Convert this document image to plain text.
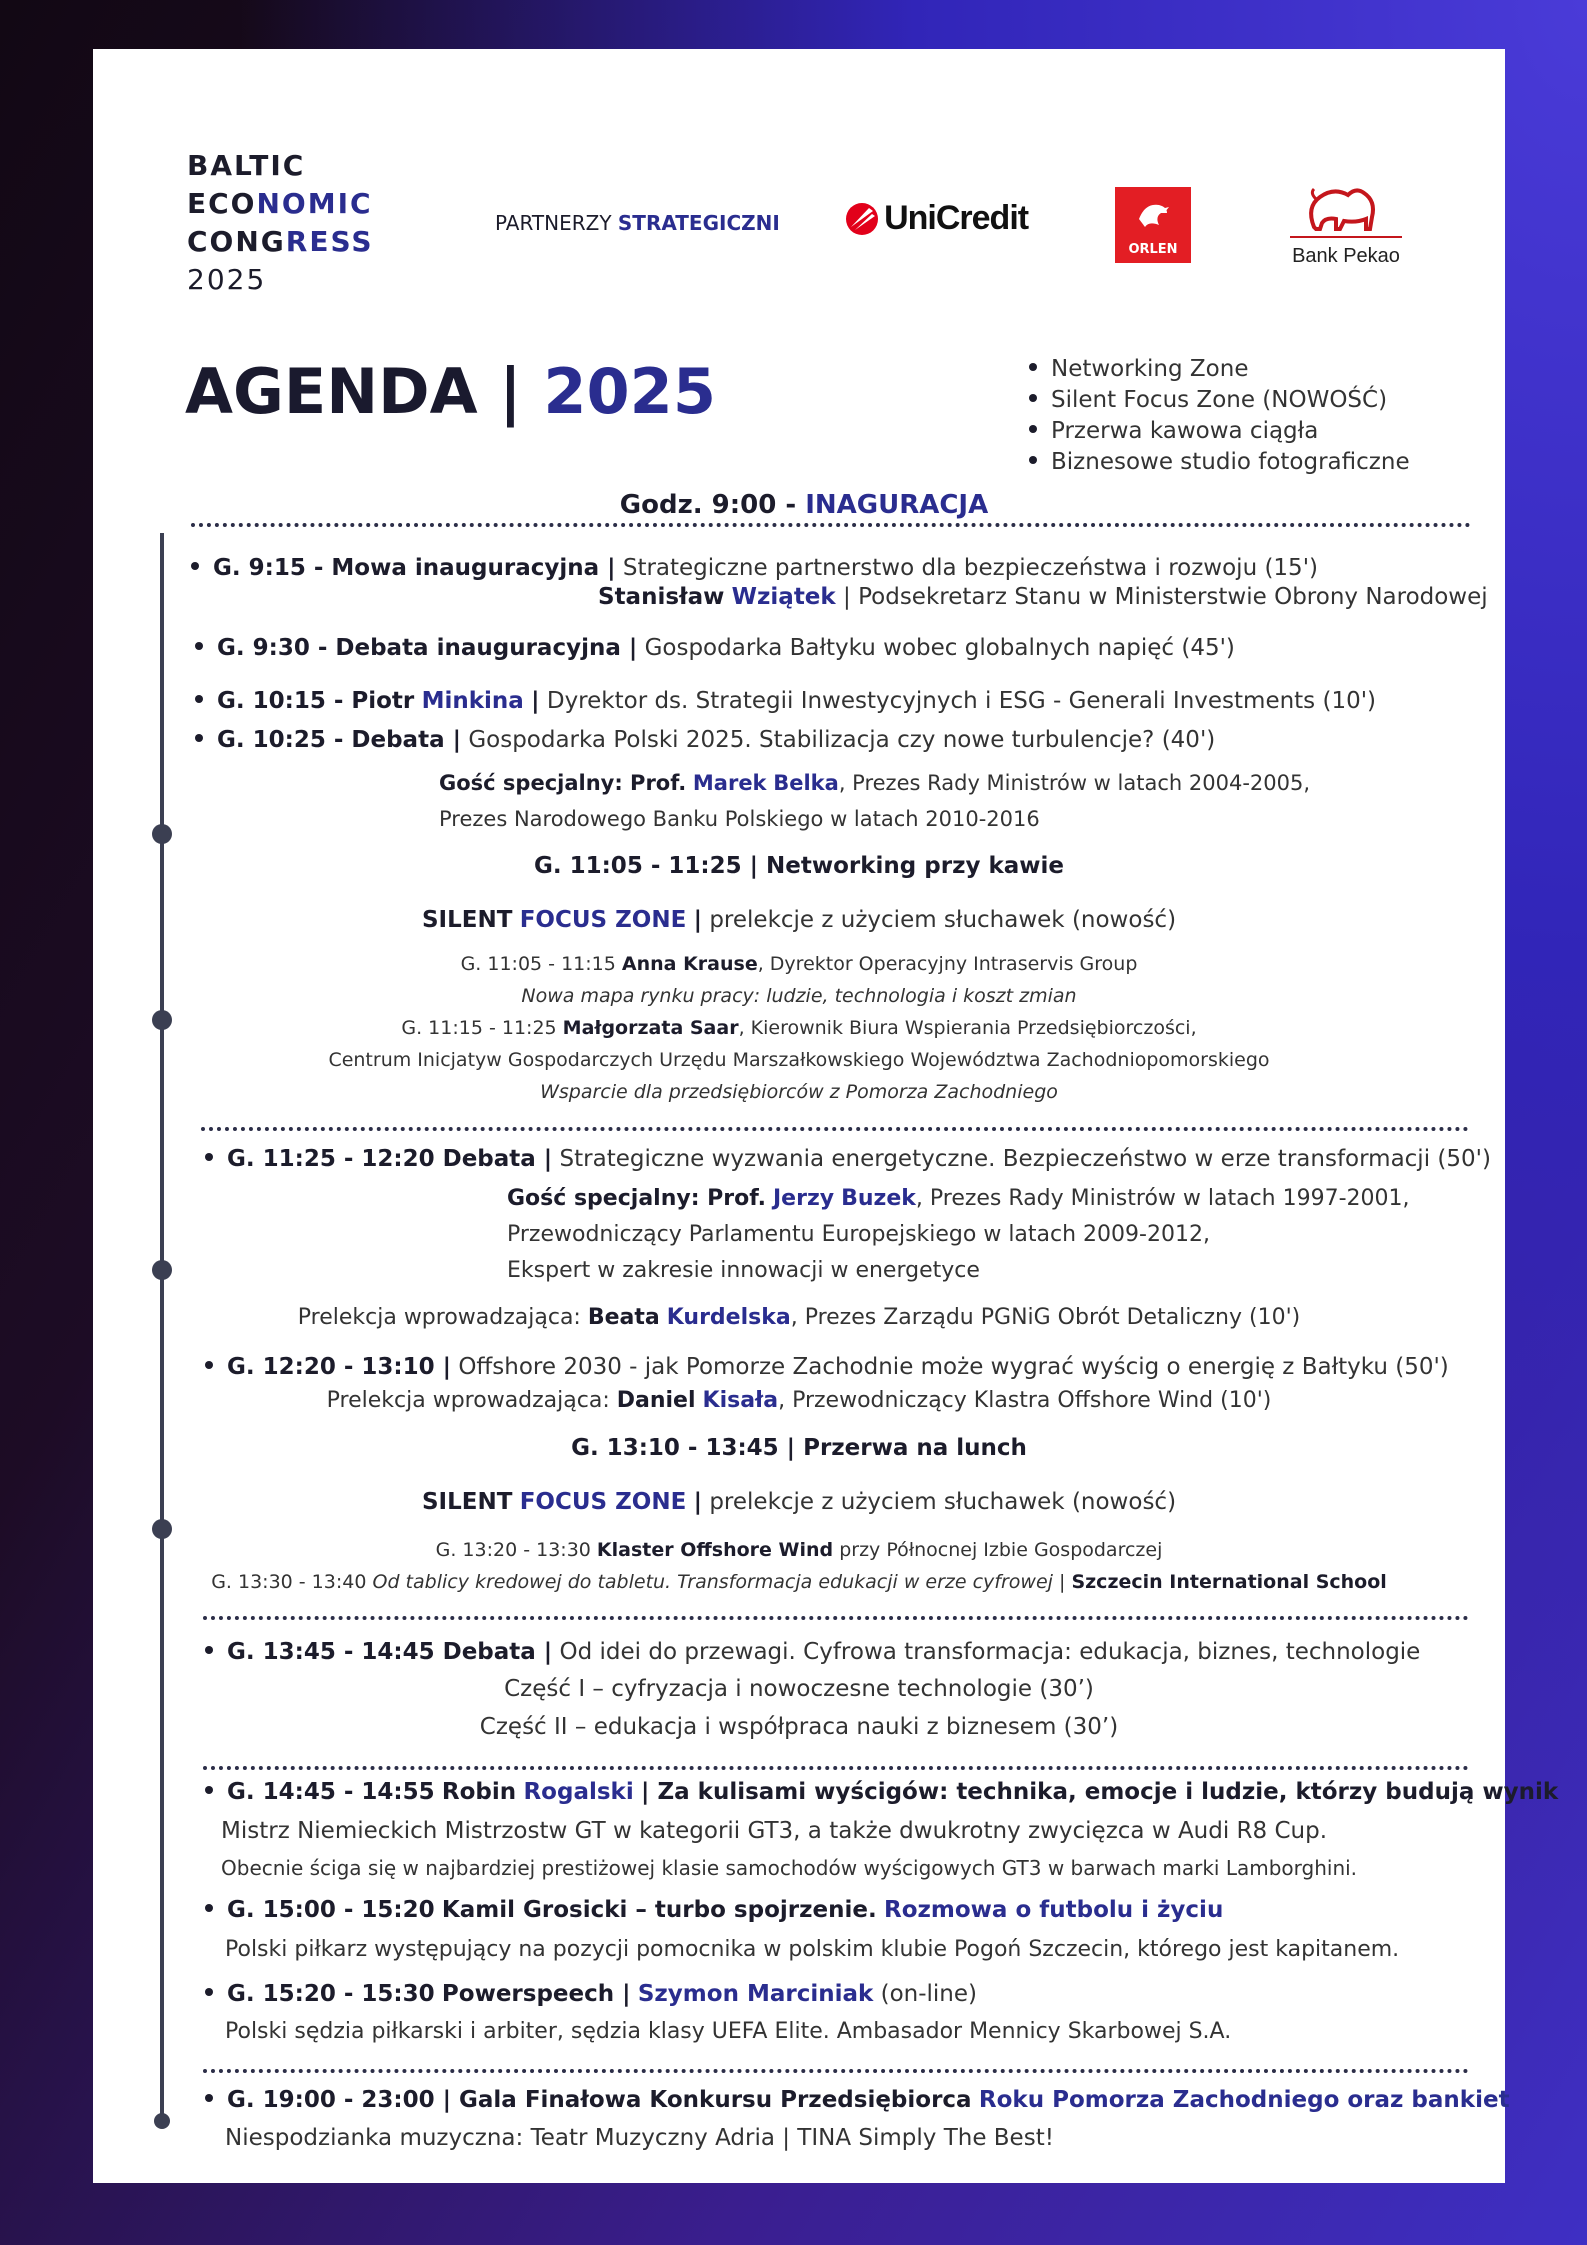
BALTIC
ECONOMIC
CONGRESS
2025
PARTNERZY STRATEGICZNI	UniCredit
ORLEN	Bank Pekao
AGENDA | 2025	Networking Zone
Silent Focus Zone (NOWOŚĆ)
Przerwa kawowa ciągła
Biznesowe studio fotograficzne
Godz. 9:00 - INAGURACJA
G. 9:15 - Mowa inauguracyjna | Strategiczne partnerstwo dla bezpieczeństwa i rozwoju (15')
Stanisław Wziątek | Podsekretarz Stanu w Ministerstwie Obrony Narodowej
G. 9:30 - Debata inauguracyjna | Gospodarka Bałtyku wobec globalnych napięć (45')
G. 10:15 - Piotr Minkina | Dyrektor ds. Strategii Inwestycyjnych i ESG - Generali Investments (10')
G. 10:25 - Debata | Gospodarka Polski 2025. Stabilizacja czy nowe turbulencje? (40')
Gość specjalny: Prof. Marek Belka, Prezes Rady Ministrów w latach 2004-2005,
Prezes Narodowego Banku Polskiego w latach 2010-2016
G. 11:05 - 11:25 | Networking przy kawie
SILENT FOCUS ZONE | prelekcje z użyciem słuchawek (nowość)
G. 11:05 - 11:15 Anna Krause, Dyrektor Operacyjny Intraservis Group
Nowa mapa rynku pracy: ludzie, technologia i koszt zmian
G. 11:15 - 11:25 Małgorzata Saar, Kierownik Biura Wspierania Przedsiębiorczości,
Centrum Inicjatyw Gospodarczych Urzędu Marszałkowskiego Województwa Zachodniopomorskiego
Wsparcie dla przedsiębiorców z Pomorza Zachodniego
G. 11:25 - 12:20 Debata | Strategiczne wyzwania energetyczne. Bezpieczeństwo w erze transformacji (50')
Gość specjalny: Prof. Jerzy Buzek, Prezes Rady Ministrów w latach 1997-2001,
Przewodniczący Parlamentu Europejskiego w latach 2009-2012,
Ekspert w zakresie innowacji w energetyce
Prelekcja wprowadzająca: Beata Kurdelska, Prezes Zarządu PGNiG Obrót Detaliczny (10')
G. 12:20 - 13:10 | Offshore 2030 - jak Pomorze Zachodnie może wygrać wyścig o energię z Bałtyku (50')
Prelekcja wprowadzająca: Daniel Kisała, Przewodniczący Klastra Offshore Wind (10')
G. 13:10 - 13:45 | Przerwa na lunch
SILENT FOCUS ZONE | prelekcje z użyciem słuchawek (nowość)
G. 13:20 - 13:30 Klaster Offshore Wind przy Północnej Izbie Gospodarczej
G. 13:30 - 13:40 Od tablicy kredowej do tabletu. Transformacja edukacji w erze cyfrowej | Szczecin International School
G. 13:45 - 14:45 Debata | Od idei do przewagi. Cyfrowa transformacja: edukacja, biznes, technologie
Część I – cyfryzacja i nowoczesne technologie (30’)
Część II – edukacja i współpraca nauki z biznesem (30’)
G. 14:45 - 14:55 Robin Rogalski | Za kulisami wyścigów: technika, emocje i ludzie, którzy budują wynik
Mistrz Niemieckich Mistrzostw GT w kategorii GT3, a także dwukrotny zwycięzca w Audi R8 Cup.
Obecnie ściga się w najbardziej prestiżowej klasie samochodów wyścigowych GT3 w barwach marki Lamborghini.
G. 15:00 - 15:20 Kamil Grosicki – turbo spojrzenie. Rozmowa o futbolu i życiu
Polski piłkarz występujący na pozycji pomocnika w polskim klubie Pogoń Szczecin, którego jest kapitanem.
G. 15:20 - 15:30 Powerspeech | Szymon Marciniak (on-line)
Polski sędzia piłkarski i arbiter, sędzia klasy UEFA Elite. Ambasador Mennicy Skarbowej S.A.
G. 19:00 - 23:00 | Gala Finałowa Konkursu Przedsiębiorca Roku Pomorza Zachodniego oraz bankiet
Niespodzianka muzyczna: Teatr Muzyczny Adria | TINA Simply The Best!
